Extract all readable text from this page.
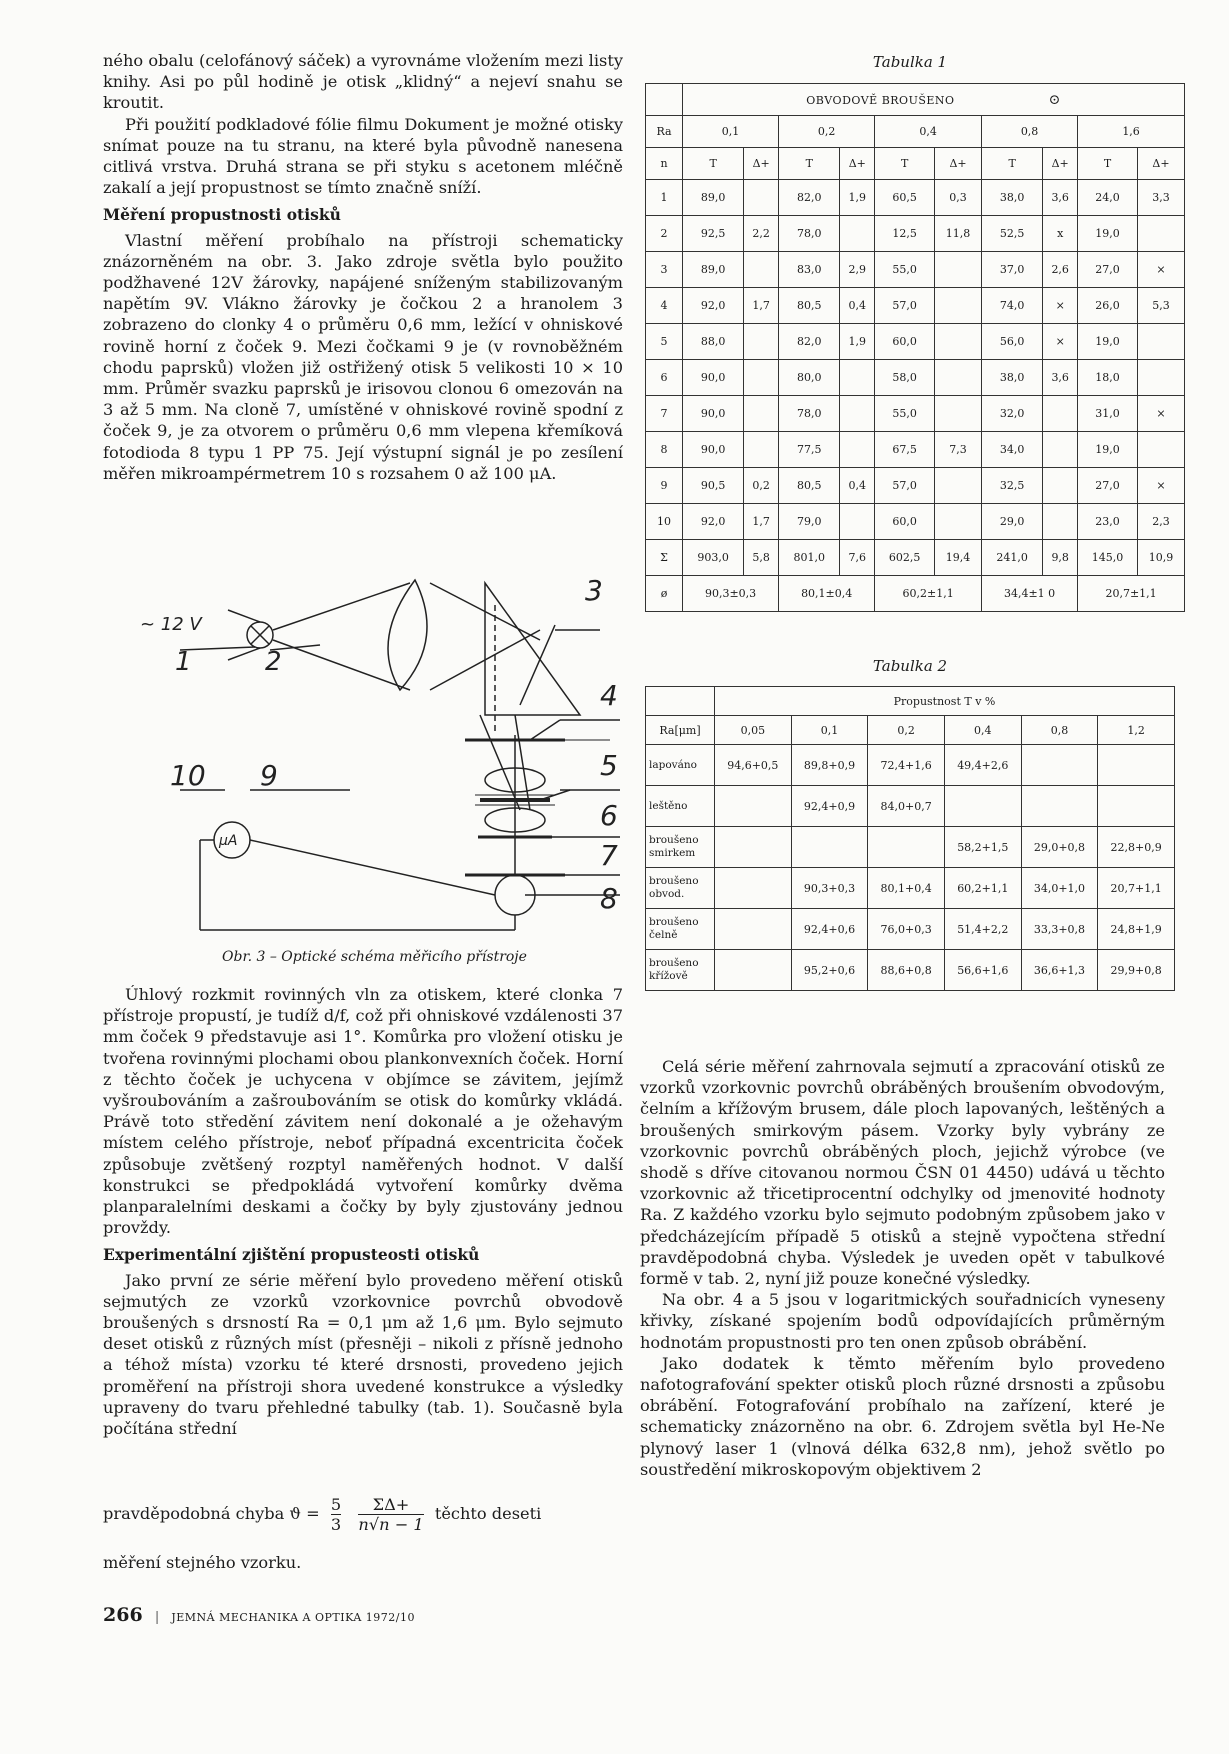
ného obalu (celofánový sáček) a vyrovnáme vložením mezi listy knihy. Asi po půl hodině je otisk „klidný“ a nejeví snahu se kroutit.

Při použití podkladové fólie filmu Dokument je možné otisky snímat pouze na tu stranu, na které byla původně nanesena citlivá vrstva. Druhá strana se při styku s acetonem mléčně zakalí a její propustnost se tímto značně sníží.

Měření propustnosti otisků

Vlastní měření probíhalo na přístroji schematicky znázorněném na obr. 3. Jako zdroje světla bylo použito podžhavené 12V žárovky, napájené sníženým stabilizovaným napětím 9V. Vlákno žárovky je čočkou 2 a hranolem 3 zobrazeno do clonky 4 o průměru 0,6 mm, ležící v ohniskové rovině horní z čoček 9. Mezi čočkami 9 je (v rovnoběžném chodu paprsků) vložen již ostřižený otisk 5 velikosti 10 × 10 mm. Průměr svazku paprsků je irisovou clonou 6 omezován na 3 až 5 mm. Na cloně 7, umístěné v ohniskové rovině spodní z čoček 9, je za otvorem o průměru 0,6 mm vlepena křemíková fotodioda 8 typu 1 PP 75. Její výstupní signál je po zesílení měřen mikroampérmetrem 10 s rozsahem 0 až 100 μA.

~ 12 V
1	2
3
4
5
6
7
8
9
10
μA
Obr. 3 – Optické schéma měřicího přístroje

Úhlový rozkmit rovinných vln za otiskem, které clonka 7 přístroje propustí, je tudíž d/f, což při ohniskové vzdálenosti 37 mm čoček 9 představuje asi 1°. Komůrka pro vložení otisku je tvořena rovinnými plochami obou plankonvexních čoček. Horní z těchto čoček je uchycena v objímce se závitem, jejímž vyšroubováním a zašroubováním se otisk do komůrky vkládá. Právě toto středění závitem není dokonalé a je ožehavým místem celého přístroje, neboť případná excentricita čoček způsobuje zvětšený rozptyl naměřených hodnot. V další konstrukci se předpokládá vytvoření komůrky dvěma planparalelními deskami a čočky by byly zjustovány jednou provždy.

Experimentální zjištění propusteosti otisků

Jako první ze série měření bylo provedeno měření otisků sejmutých ze vzorků vzorkovnice povrchů obvodově broušených s drsností Ra = 0,1 μm až 1,6 μm. Bylo sejmuto deset otisků z různých míst (přesněji – nikoli z přísně jednoho a téhož místa) vzorku té které drsnosti, provedeno jejich proměření na přístroji shora uvedené konstrukce a výsledky upraveny do tvaru přehledné tabulky (tab. 1). Současně byla počítána střední

pravděpodobná chyba $ϑ = \frac{5}{3}$
$\frac{\Sigma\Delta+}{n√n - 1}$ těchto deseti

měření stejného vzorku.

Tabulka 1
	OBVODOVĚ BROUŠENO ⊙									
Ra	0,1		0,2		0,4		0,8		1,6	
n	T	Δ+	T	Δ+	T	Δ+	T	Δ+	T	Δ+
1	89,0		82,0	1,9	60,5	0,3	38,0	3,6	24,0	3,3
2	92,5	2,2	78,0		12,5	11,8	52,5	x	19,0	
3	89,0		83,0	2,9	55,0		37,0	2,6	27,0	×
4	92,0	1,7	80,5	0,4	57,0		74,0	×	26,0	5,3
5	88,0		82,0	1,9	60,0		56,0	×	19,0	
6	90,0		80,0		58,0		38,0	3,6	18,0	
7	90,0		78,0		55,0		32,0		31,0	×
8	90,0		77,5		67,5	7,3	34,0		19,0	
9	90,5	0,2	80,5	0,4	57,0		32,5		27,0	×
10	92,0	1,7	79,0		60,0		29,0		23,0	2,3
Σ	903,0	5,8	801,0	7,6	602,5	19,4	241,0	9,8	145,0	10,9
ø	90,3±0,3		80,1±0,4		60,2±1,1		34,4±1 0		20,7±1,1	
Tabulka 2
	Propustnost T v %					
Ra[μm]	0,05	0,1	0,2	0,4	0,8	1,2
lapováno	94,6+0,5	89,8+0,9	72,4+1,6	49,4+2,6		
leštěno		92,4+0,9	84,0+0,7			
broušeno smirkem				58,2+1,5	29,0+0,8	22,8+0,9
broušeno obvod.		90,3+0,3	80,1+0,4	60,2+1,1	34,0+1,0	20,7+1,1
broušeno čelně		92,4+0,6	76,0+0,3	51,4+2,2	33,3+0,8	24,8+1,9
broušeno křížově		95,2+0,6	88,6+0,8	56,6+1,6	36,6+1,3	29,9+0,8

Celá série měření zahrnovala sejmutí a zpracování otisků ze vzorků vzorkovnic povrchů obráběných broušením obvodovým, čelním a křížovým brusem, dále ploch lapovaných, leštěných a broušených smirkovým pásem. Vzorky byly vybrány ze vzorkovnic povrchů obráběných ploch, jejichž výrobce (ve shodě s dříve citovanou normou ČSN 01 4450) udává u těchto vzorkovnic až třicetiprocentní odchylky od jmenovité hodnoty Ra. Z každého vzorku bylo sejmuto podobným způsobem jako v předcházejícím případě 5 otisků a stejně vypočtena střední pravděpodobná chyba. Výsledek je uveden opět v tabulkové formě v tab. 2, nyní již pouze konečné výsledky.

Na obr. 4 a 5 jsou v logaritmických souřadnicích vyneseny křivky, získané spojením bodů odpovídajících průměrným hodnotám propustnosti pro ten onen způsob obrábění.

Jako dodatek k těmto měřením bylo provedeno nafotografování spekter otisků ploch různé drsnosti a způsobu obrábění. Fotografování probíhalo na zařízení, které je schematicky znázorněno na obr. 6. Zdrojem světla byl He-Ne plynový laser 1 (vlnová délka 632,8 nm), jehož světlo po soustředění mikroskopovým objektivem 2

266 | JEMNÁ MECHANIKA A OPTIKA 1972/10
